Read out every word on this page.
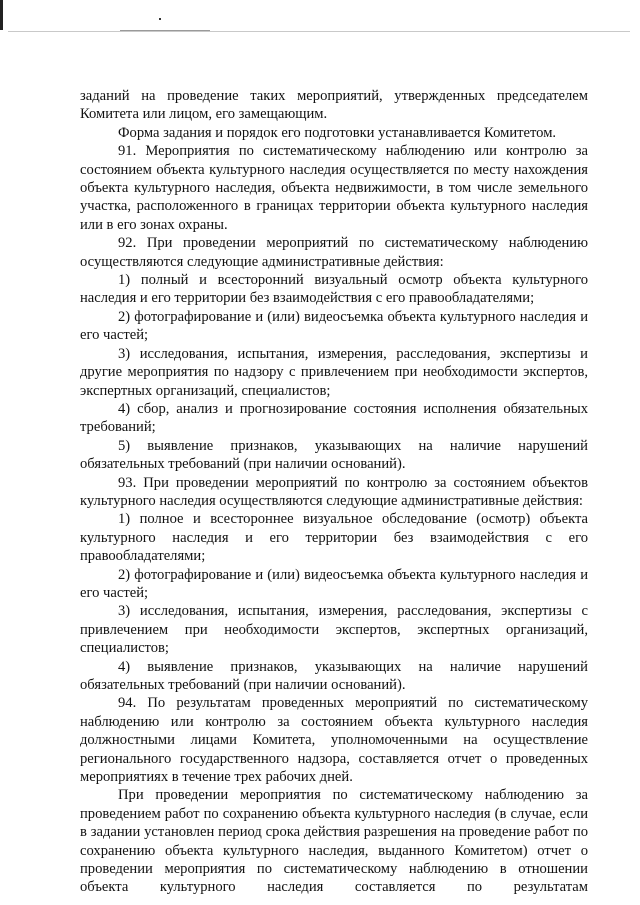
заданий на проведение таких мероприятий, утвержденных председателем Комитета или лицом, его замещающим.

Форма задания и порядок его подготовки устанавливается Комитетом.

91. Мероприятия по систематическому наблюдению или контролю за состоянием объекта культурного наследия осуществляется по месту нахождения объекта культурного наследия, объекта недвижимости, в том числе земельного участка, расположенного в границах территории объекта культурного наследия или в его зонах охраны.

92. При проведении мероприятий по систематическому наблюдению осуществляются следующие административные действия:

1) полный и всесторонний визуальный осмотр объекта культурного наследия и его территории без взаимодействия с его правообладателями;

2) фотографирование и (или) видеосъемка объекта культурного наследия и его частей;

3) исследования, испытания, измерения, расследования, экспертизы и другие мероприятия по надзору с привлечением при необходимости экспертов, экспертных организаций, специалистов;

4) сбор, анализ и прогнозирование состояния исполнения обязательных требований;

5) выявление признаков, указывающих на наличие нарушений обязательных требований (при наличии оснований).

93. При проведении мероприятий по контролю за состоянием объектов культурного наследия осуществляются следующие административные действия:

1) полное и всестороннее визуальное обследование (осмотр) объекта культурного наследия и его территории без взаимодействия с его правообладателями;

2) фотографирование и (или) видеосъемка объекта культурного наследия и его частей;

3) исследования, испытания, измерения, расследования, экспертизы с привлечением при необходимости экспертов, экспертных организаций, специалистов;

4) выявление признаков, указывающих на наличие нарушений обязательных требований (при наличии оснований).

94. По результатам проведенных мероприятий по систематическому наблюдению или контролю за состоянием объекта культурного наследия должностными лицами Комитета, уполномоченными на осуществление регионального государственного надзора, составляется отчет о проведенных мероприятиях в течение трех рабочих дней.

При проведении мероприятия по систематическому наблюдению за проведением работ по сохранению объекта культурного наследия (в случае, если в задании установлен период срока действия разрешения на проведение работ по сохранению объекта культурного наследия, выданного Комитетом) отчет о проведении мероприятия по систематическому наблюдению в отношении объекта культурного наследия составляется по результатам
